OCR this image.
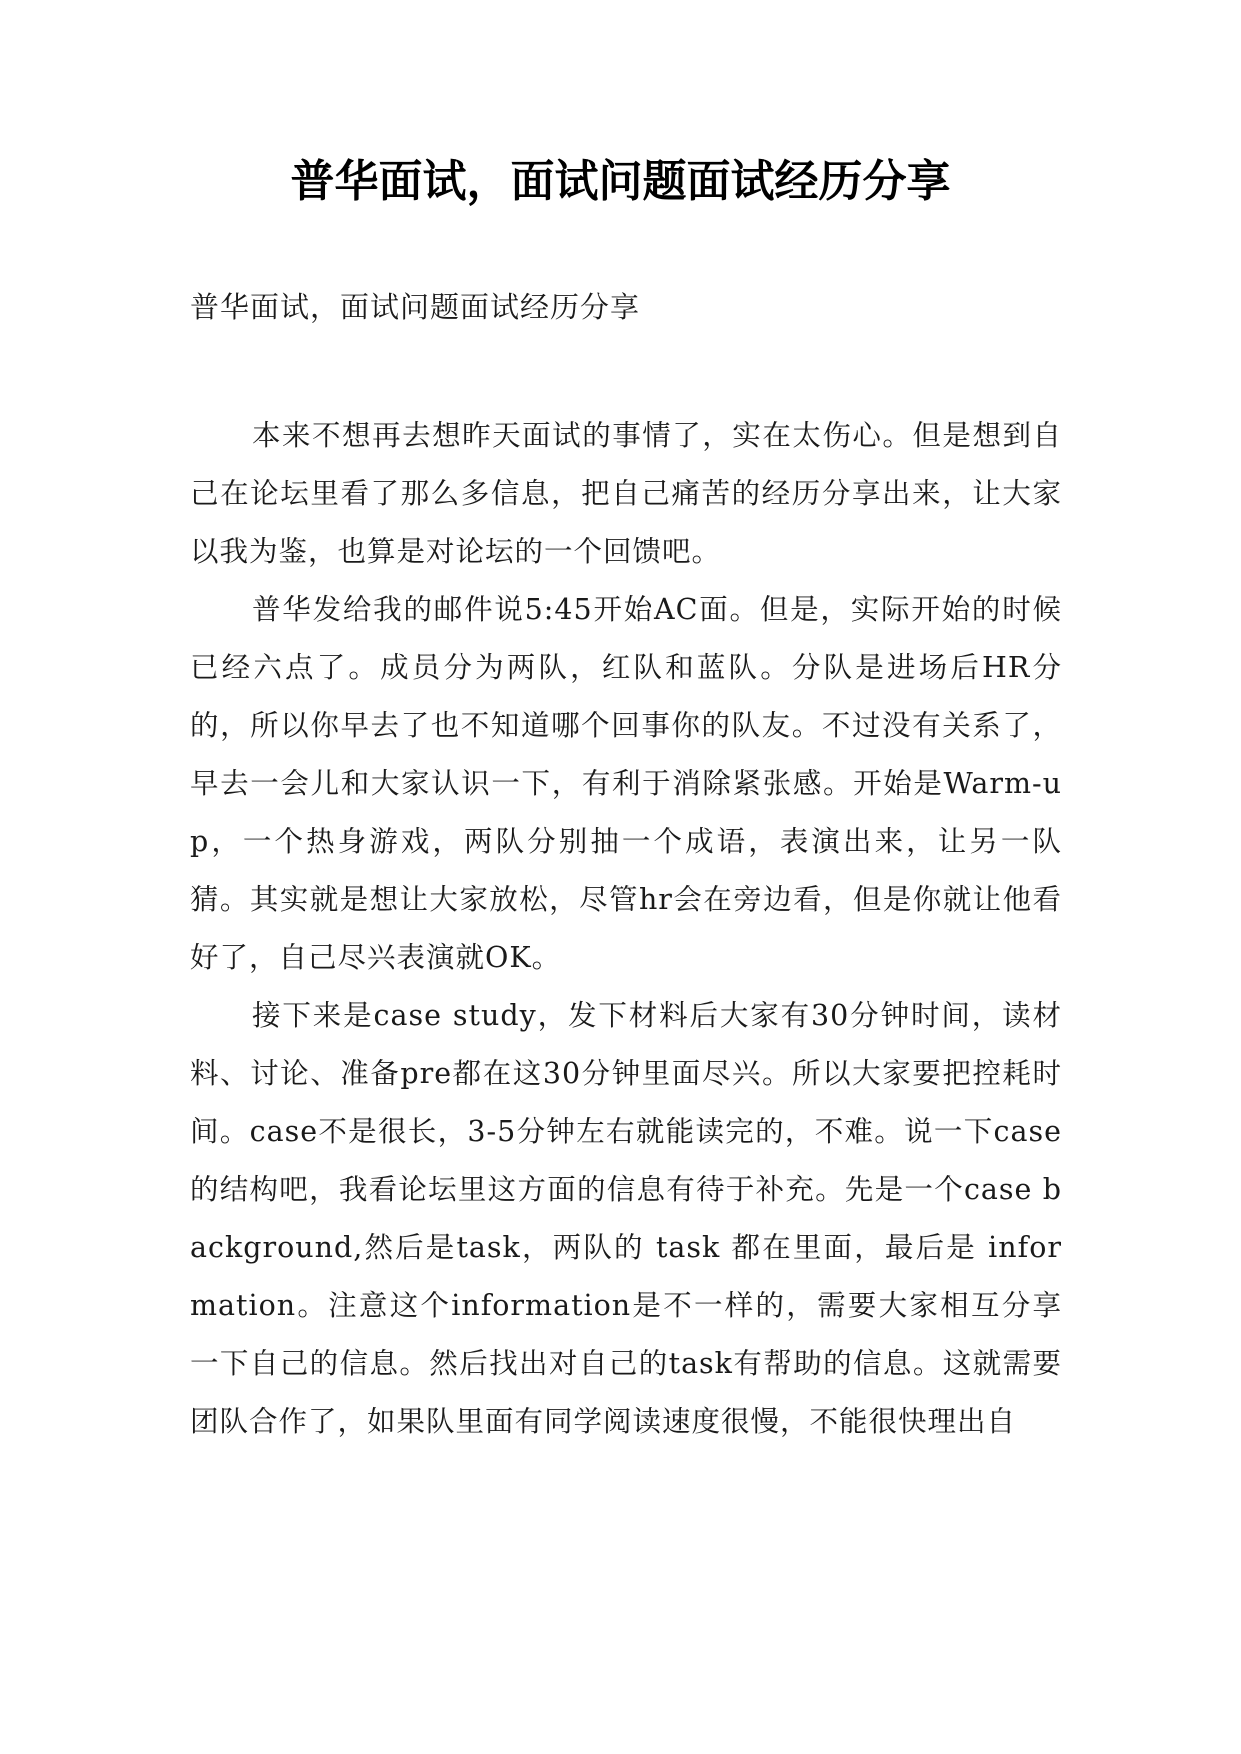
普华面试，面试问题面试经历分享

普华面试，面试问题面试经历分享

本来不想再去想昨天面试的事情了，实在太伤心。但是想到自己在论坛里看了那么多信息，把自己痛苦的经历分享出来，让大家以我为鉴，也算是对论坛的一个回馈吧。

普华发给我的邮件说5:45开始AC面。但是，实际开始的时候已经六点了。成员分为两队，红队和蓝队。分队是进场后HR分的，所以你早去了也不知道哪个回事你的队友。不过没有关系了，早去一会儿和大家认识一下，有利于消除紧张感。开始是Warm-up，一个热身游戏，两队分别抽一个成语，表演出来，让另一队猜。其实就是想让大家放松，尽管hr会在旁边看，但是你就让他看好了，自己尽兴表演就OK。

接下来是case study，发下材料后大家有30分钟时间，读材料、讨论、准备pre都在这30分钟里面尽兴。所以大家要把控耗时间。case不是很长，3-5分钟左右就能读完的，不难。说一下case的结构吧，我看论坛里这方面的信息有待于补充。先是一个case background,然后是task，两队的 task 都在里面，最后是 information。注意这个information是不一样的，需要大家相互分享一下自己的信息。然后找出对自己的task有帮助的信息。这就需要团队合作了，如果队里面有同学阅读速度很慢，不能很快理出自
